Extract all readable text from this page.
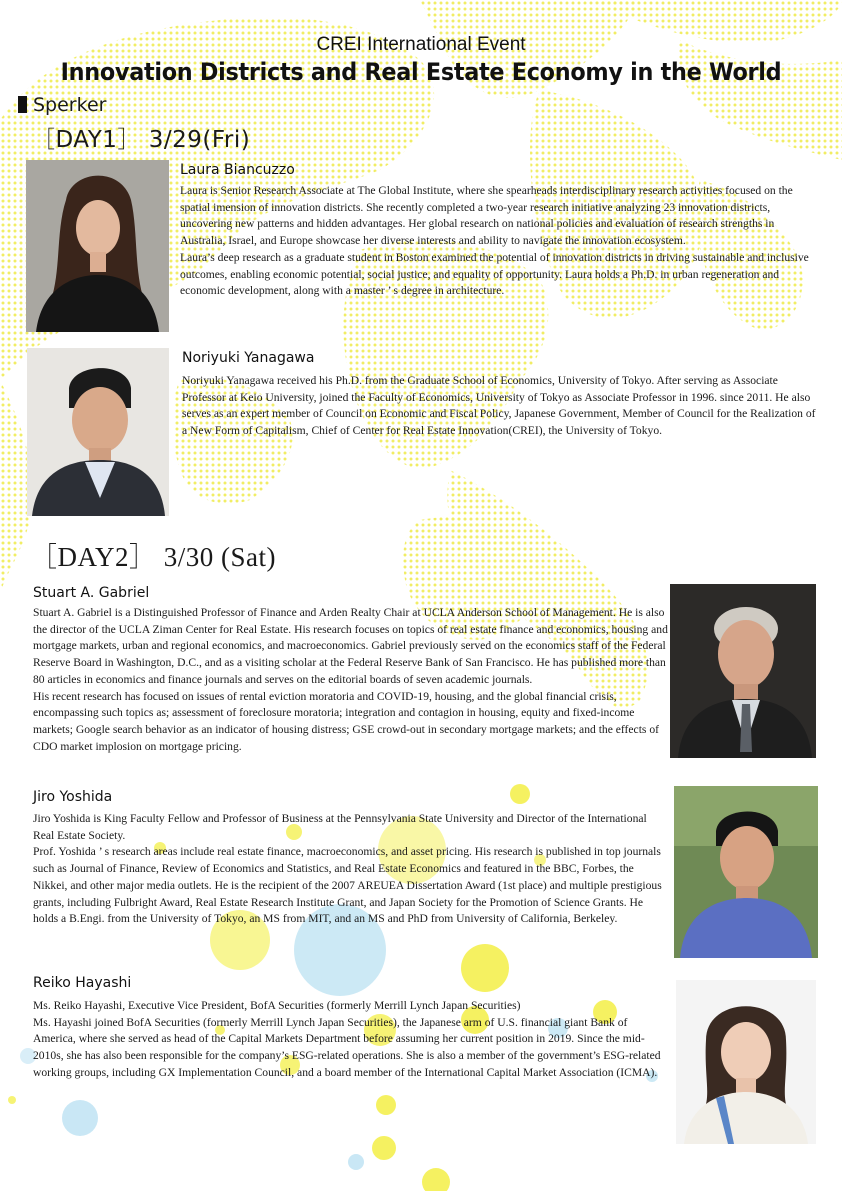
CREI International Event
Innovation Districts and Real Estate Economy in the World
Sperker
［DAY1］ 3/29(Fri)
Laura Biancuzzo

Laura is Senior Research Associate at The Global Institute, where she spearheads interdisciplinary research activities focused on the spatial imension of innovation districts. She recently completed a two-year research initiative analyzing 23 innovation districts, uncovering new patterns and hidden advantages. Her global research on national policies and evaluation of research strengths in Australia, Israel, and Europe showcase her diverse interests and ability to navigate the innovation ecosystem.

Laura’s deep research as a graduate student in Boston examined the potential of innovation districts in driving sustainable and inclusive outcomes, enabling economic potential, social justice, and equality of opportunity. Laura holds a Ph.D. in urban regeneration and economic development, along with a master ’ s degree in architecture.

Noriyuki Yanagawa

Noriyuki Yanagawa received his Ph.D. from the Graduate School of Economics, University of Tokyo. After serving as Associate Professor at Keio University, joined the Faculty of Economics, University of Tokyo as Associate Professor in 1996. since 2011. He also serves as an expert member of Council on Economic and Fiscal Policy, Japanese Government, Member of Council for the Realization of a New Form of Capitalism, Chief of Center for Real Estate Innovation(CREI), the University of Tokyo.

［DAY2］ 3/30 (Sat)
Stuart A. Gabriel

Stuart A. Gabriel is a Distinguished Professor of Finance and Arden Realty Chair at UCLA Anderson School of Management. He is also the director of the UCLA Ziman Center for Real Estate. His research focuses on topics of real estate finance and economics, housing and mortgage markets, urban and regional economics, and macroeconomics. Gabriel previously served on the economics staff of the Federal Reserve Board in Washington, D.C., and as a visiting scholar at the Federal Reserve Bank of San Francisco. He has published more than 80 articles in economics and finance journals and serves on the editorial boards of seven academic journals.

His recent research has focused on issues of rental eviction moratoria and COVID-19, housing, and the global financial crisis, encompassing such topics as; assessment of foreclosure moratoria; integration and contagion in housing, equity and fixed-income markets; Google search behavior as an indicator of housing distress; GSE crowd-out in secondary mortgage markets; and the effects of CDO market implosion on mortgage pricing.

Jiro Yoshida

Jiro Yoshida is King Faculty Fellow and Professor of Business at the Pennsylvania State University and Director of the International Real Estate Society.

Prof. Yoshida ’ s research areas include real estate finance, macroeconomics, and asset pricing. His research is published in top journals such as Journal of Finance, Review of Economics and Statistics, and Real Estate Economics and featured in the BBC, Forbes, the Nikkei, and other major media outlets. He is the recipient of the 2007 AREUEA Dissertation Award (1st place) and multiple prestigious grants, including Fulbright Award, Real Estate Research Institute Grant, and Japan Society for the Promotion of Science Grants. He holds a B.Engi. from the University of Tokyo, an MS from MIT, and an MS and PhD from University of California, Berkeley.

Reiko Hayashi

Ms. Reiko Hayashi, Executive Vice President, BofA Securities (formerly Merrill Lynch Japan Securities)

Ms. Hayashi joined BofA Securities (formerly Merrill Lynch Japan Securities), the Japanese arm of U.S. financial giant Bank of America, where she served as head of the Capital Markets Department before assuming her current position in 2019. Since the mid-2010s, she has also been responsible for the company’s ESG-related operations. She is also a member of the government’s ESG-related working groups, including GX Implementation Council, and a board member of the International Capital Market Association (ICMA).
